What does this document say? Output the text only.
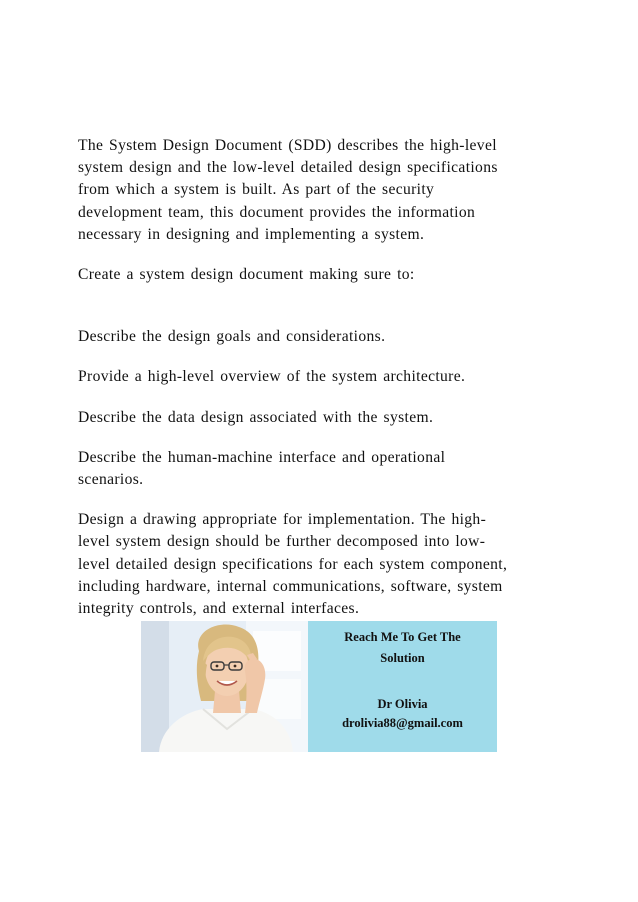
The System Design Document (SDD) describes the high-level
system design and the low-level detailed design specifications
from which a system is built. As part of the security
development team, this document provides the information
necessary in designing and implementing a system.
Create a system design document making sure to:
Describe the design goals and considerations.
Provide a high-level overview of the system architecture.
Describe the data design associated with the system.
Describe the human-machine interface and operational
scenarios.
Design a drawing appropriate for implementation. The high-
level system design should be further decomposed into low-
level detailed design specifications for each system component,
including hardware, internal communications, software, system
integrity controls, and external interfaces.
Reach Me To Get The
Solution
Dr Olivia
drolivia88@gmail.com
